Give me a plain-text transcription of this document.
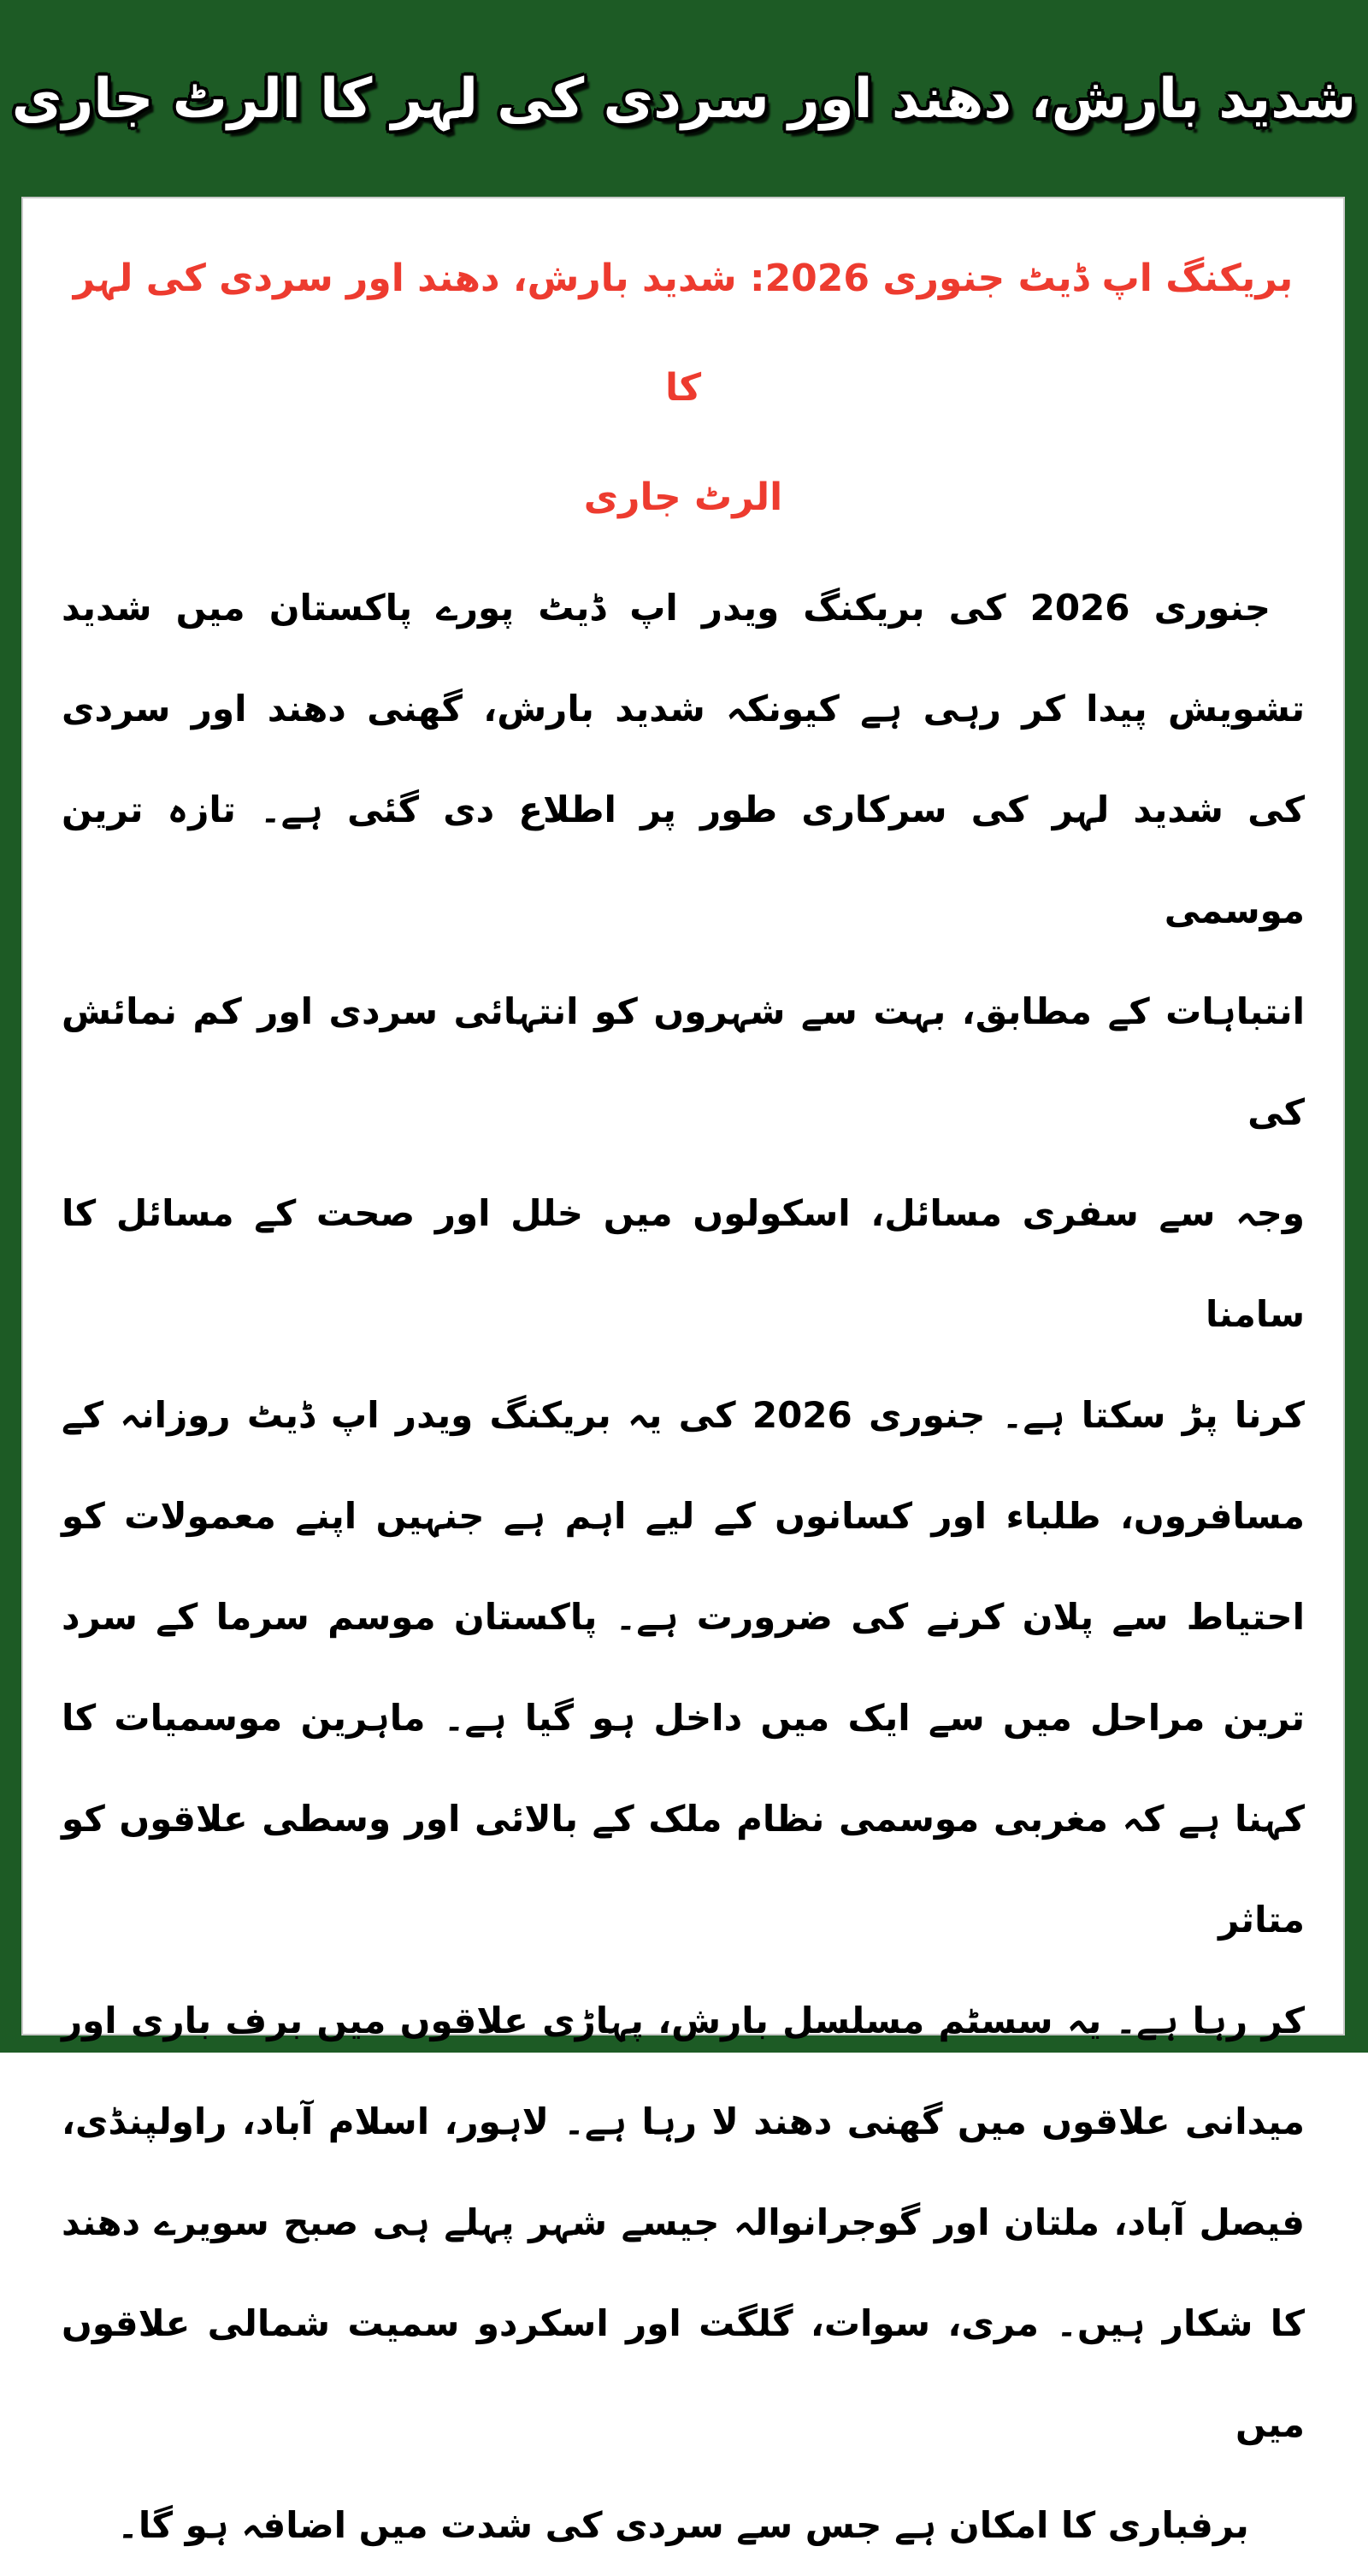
شدید بارش، دھند اور سردی کی لہر کا الرٹ جاری
بریکنگ اپ ڈیٹ جنوری 2026: شدید بارش، دھند اور سردی کی لہر کا
الرٹ جاری
جنوری 2026 کی بریکنگ ویدر اپ ڈیٹ پورے پاکستان میں شدید
تشویش پیدا کر رہی ہے کیونکہ شدید بارش، گھنی دھند اور سردی
کی شدید لہر کی سرکاری طور پر اطلاع دی گئی ہے۔ تازہ ترین موسمی
انتباہات کے مطابق، بہت سے شہروں کو انتہائی سردی اور کم نمائش کی
وجہ سے سفری مسائل، اسکولوں میں خلل اور صحت کے مسائل کا سامنا
کرنا پڑ سکتا ہے۔ جنوری 2026 کی یہ بریکنگ ویدر اپ ڈیٹ روزانہ کے
مسافروں، طلباء اور کسانوں کے لیے اہم ہے جنہیں اپنے معمولات کو
احتیاط سے پلان کرنے کی ضرورت ہے۔ پاکستان موسم سرما کے سرد
ترین مراحل میں سے ایک میں داخل ہو گیا ہے۔ ماہرین موسمیات کا
کہنا ہے کہ مغربی موسمی نظام ملک کے بالائی اور وسطی علاقوں کو متاثر
کر رہا ہے۔ یہ سسٹم مسلسل بارش، پہاڑی علاقوں میں برف باری اور
میدانی علاقوں میں گھنی دھند لا رہا ہے۔ لاہور، اسلام آباد، راولپنڈی،
فیصل آباد، ملتان اور گوجرانوالہ جیسے شہر پہلے ہی صبح سویرے دھند
کا شکار ہیں۔ مری، سوات، گلگت اور اسکردو سمیت شمالی علاقوں میں
برفباری کا امکان ہے جس سے سردی کی شدت میں اضافہ ہو گا۔
